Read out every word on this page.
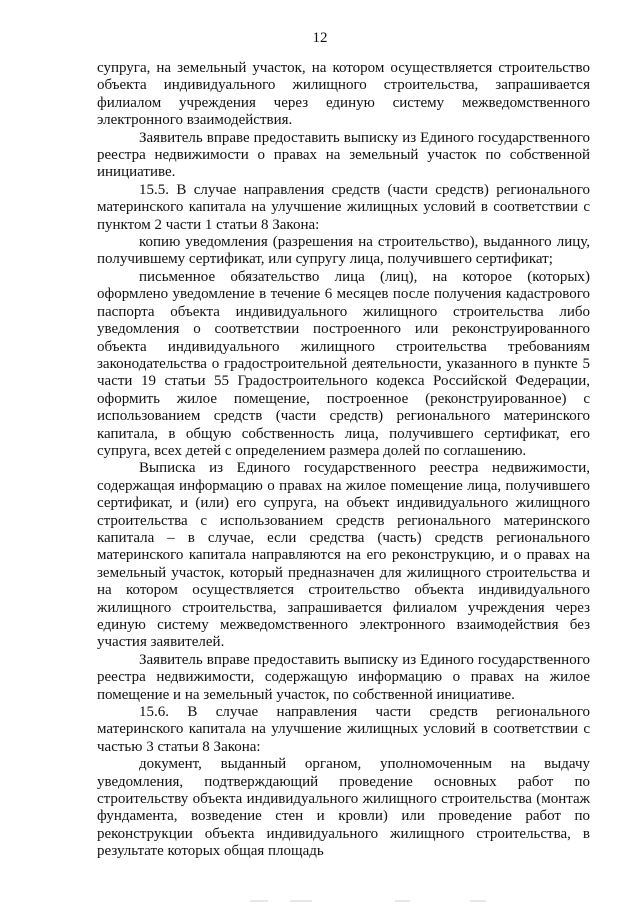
12

супруга, на земельный участок, на котором осуществляется строительство объекта индивидуального жилищного строительства, запрашивается филиалом учреждения через единую систему межведомственного электронного взаимодействия.

Заявитель вправе предоставить выписку из Единого государственного реестра недвижимости о правах на земельный участок по собственной инициативе.

15.5. В случае направления средств (части средств) регионального материнского капитала на улучшение жилищных условий в соответствии с пунктом 2 части 1 статьи 8 Закона:

копию уведомления (разрешения на строительство), выданного лицу, получившему сертификат, или супругу лица, получившего сертификат;

письменное обязательство лица (лиц), на которое (которых) оформлено уведомление в течение 6 месяцев после получения кадастрового паспорта объекта индивидуального жилищного строительства либо уведомления о соответствии построенного или реконструированного объекта индивидуального жилищного строительства требованиям законодательства о градостроительной деятельности, указанного в пункте 5 части 19 статьи 55 Градостроительного кодекса Российской Федерации, оформить жилое помещение, построенное (реконструированное) с использованием средств (части средств) регионального материнского капитала, в общую собственность лица, получившего сертификат, его супруга, всех детей с определением размера долей по соглашению.

Выписка из Единого государственного реестра недвижимости, содержащая информацию о правах на жилое помещение лица, получившего сертификат, и (или) его супруга, на объект индивидуального жилищного строительства с использованием средств регионального материнского капитала – в случае, если средства (часть) средств регионального материнского капитала направляются на его реконструкцию, и о правах на земельный участок, который предназначен для жилищного строительства и на котором осуществляется строительство объекта индивидуального жилищного строительства, запрашивается филиалом учреждения через единую систему межведомственного электронного взаимодействия без участия заявителей.

Заявитель вправе предоставить выписку из Единого государственного реестра недвижимости, содержащую информацию о правах на жилое помещение и на земельный участок, по собственной инициативе.

15.6. В случае направления части средств регионального материнского капитала на улучшение жилищных условий в соответствии с частью 3 статьи 8 Закона:

документ, выданный органом, уполномоченным на выдачу уведомления, подтверждающий проведение основных работ по строительству объекта индивидуального жилищного строительства (монтаж фундамента, возведение стен и кровли) или проведение работ по реконструкции объекта индивидуального жилищного строительства, в результате которых общая площадь
